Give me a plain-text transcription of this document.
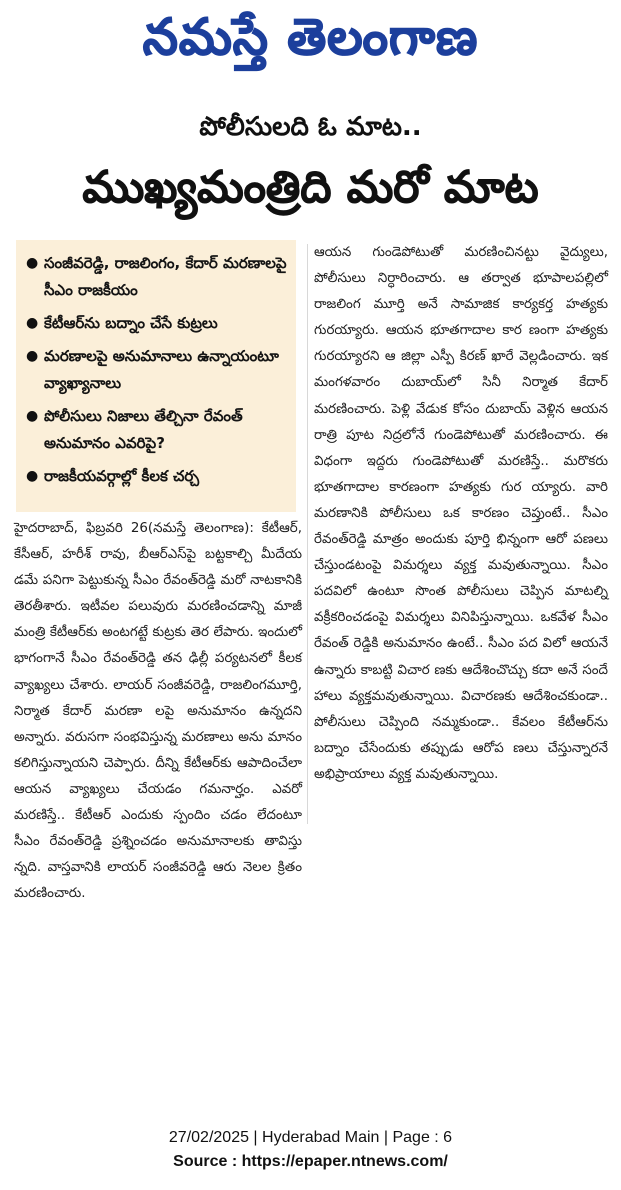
నమస్తే తెలంగాణ
పోలీసులది ఓ మాట..
ముఖ్యమంత్రిది మరో మాట
● సంజీవరెడ్డి, రాజలింగం, కేదార్ మరణాలపై సీఎం రాజకీయం
● కేటీఆర్‌ను బద్నాం చేసే కుట్రలు
● మరణాలపై అనుమానాలు ఉన్నాయంటూ వ్యాఖ్యానాలు
● పోలీసులు నిజాలు తేల్చినా రేవంత్ అనుమానం ఎవరిపై?
● రాజకీయవర్గాల్లో కీలక చర్చ
హైదరాబాద్, ఫిబ్రవరి 26(నమస్తే తెలంగాణ): కేటీఆర్, కేసీఆర్, హరీశ్ రావు, బీఆర్‌ఎస్‌పై బట్టకాల్చి మీదేయ డమే పనిగా పెట్టుకున్న సీఎం రేవంత్‌రెడ్డి మరో నాటకానికి తెరతీశారు. ఇటీవల పలువురు మరణించడాన్ని మాజీ మంత్రి కేటీఆర్‌కు అంటగట్టే కుట్రకు తెర లేపారు. ఇందులో భాగంగానే సీఎం రేవంత్‌రెడ్డి తన ఢిల్లీ పర్యటనలో కీలక వ్యాఖ్యలు చేశారు. లాయర్ సంజీవరెడ్డి, రాజలింగమూర్తి, నిర్మాత కేదార్ మరణా లపై అనుమానం ఉన్నదని అన్నారు. వరుసగా సంభవిస్తున్న మరణాలు అను మానం కలిగిస్తున్నాయని చెప్పారు. దీన్ని కేటీఆర్‌కు ఆపాదించేలా ఆయన వ్యాఖ్యలు చేయడం గమనార్హం. ఎవరో మరణిస్తే.. కేటీఆర్ ఎందుకు స్పందిం చడం లేదంటూ సీఎం రేవంత్‌రెడ్డి ప్రశ్నించడం అనుమానాలకు తావిస్తు న్నది. వాస్తవానికి లాయర్ సంజీవరెడ్డి ఆరు నెలల క్రితం మరణించారు.
ఆయన గుండెపోటుతో మరణించినట్టు వైద్యులు, పోలీసులు నిర్ధారించారు. ఆ తర్వాత భూపాలపల్లిలో రాజలింగ మూర్తి అనే సామాజిక కార్యకర్త హత్యకు గురయ్యారు. ఆయన భూతగాదాల కార ణంగా హత్యకు గురయ్యారని ఆ జిల్లా ఎస్పీ కిరణ్ ఖారే వెల్లడించారు. ఇక మంగళవారం దుబాయ్‌లో సినీ నిర్మాత కేదార్ మరణించారు. పెళ్లి వేడుక కోసం దుబాయ్ వెళ్లిన ఆయన రాత్రి పూట నిద్రలోనే గుండెపోటుతో మరణించారు. ఈ విధంగా ఇద్దరు గుండెపోటుతో మరణిస్తే.. మరొకరు భూతగాదాల కారణంగా హత్యకు గుర య్యారు. వారి మరణానికి పోలీసులు ఒక కారణం చెప్తుంటే.. సీఎం రేవంత్‌రెడ్డి మాత్రం అందుకు పూర్తి భిన్నంగా ఆరో పణలు చేస్తుండటంపై విమర్శలు వ్యక్త మవుతున్నాయి. సీఎం పదవిలో ఉంటూ సొంత పోలీసులు చెప్పిన మాటల్ని వక్రీకరించడంపై విమర్శలు వినిపిస్తున్నాయి. ఒకవేళ సీఎం రేవంత్ రెడ్డికి అనుమానం ఉంటే.. సీఎం పద విలో ఆయనే ఉన్నారు కాబట్టి విచార ణకు ఆదేశించొచ్చు కదా అనే సందే హాలు వ్యక్తమవుతున్నాయి. విచారణకు ఆదేశించకుండా.. పోలీసులు చెప్పింది నమ్మకుండా.. కేవలం కేటీఆర్‌ను బద్నాం చేసేందుకు తప్పుడు ఆరోప ణలు చేస్తున్నారనే అభిప్రాయాలు వ్యక్త మవుతున్నాయి.
27/02/2025 | Hyderabad Main | Page : 6
Source : https://epaper.ntnews.com/
